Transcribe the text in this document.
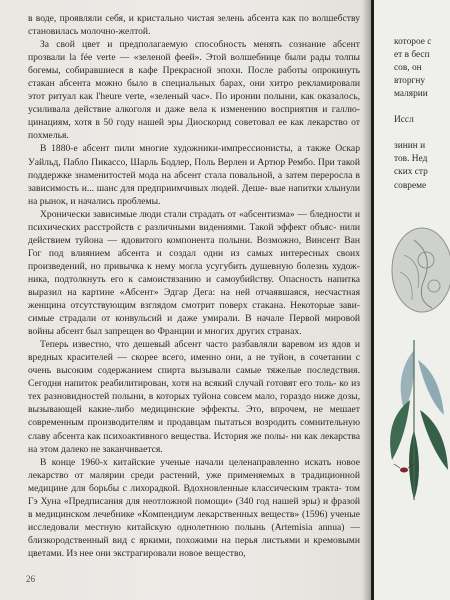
в воде, проявляли себя, и кристально чистая зелень абсента как по волшебству становилась молочно-желтой.

За свой цвет и предполагаемую способность менять сознание абсент прозвали la fée verte — «зеленой феей». Этой волшебнице были рады толпы богемы, собиравшиеся в кафе Прекрасной эпохи. После работы опрокинуть стакан абсента можно было в специальных барах, они хитро рекламировали этот ритуал как l'heure verte, «зеленый час». По иронии полыни, как оказалось, усиливала действие алкоголя и даже вела к изменению восприятия и галлю- цинациям, хотя в 50 году нашей эры Диоскорид советовал ее как лекарство от похмелья.

В 1880-е абсент пили многие художники-импрессионисты, а также Оскар Уайльд, Пабло Пикассо, Шарль Бодлер, Поль Верлен и Артюр Рембо. При такой поддержке знаменитостей мода на абсент стала повальной, а затем переросла в зависимость и... шанс для предприимчивых людей. Деше- вые напитки хлынули на рынок, и начались проблемы.

Хронически зависимые люди стали страдать от «абсентизма» — бледности и психических расстройств с различными видениями. Такой эффект объяс- нили действием туйона — ядовитого компонента полыни. Возможно, Винсент Ван Гог под влиянием абсента и создал одни из самых интересных своих произведений, но привычка к нему могла усугубить душевную болезнь худож- ника, подтолкнуть его к самоистязанию и самоубийству. Опасность напитка выразил на картине «Абсент» Эдгар Дега: на ней отчаявшаяся, несчастная женщина отсутствующим взглядом смотрит поверх стакана. Некоторые зави- симые страдали от конвульсий и даже умирали. В начале Первой мировой войны абсент был запрещен во Франции и многих других странах.

Теперь известно, что дешевый абсент часто разбавляли варевом из ядов и вредных красителей — скорее всего, именно они, а не туйон, в сочетании с очень высоким содержанием спирта вызывали самые тяжелые последствия. Сегодня напиток реабилитирован, хотя на всякий случай готовят его толь- ко из тех разновидностей полыни, в которых туйона совсем мало, гораздо ниже дозы, вызывающей какие-либо медицинские эффекты. Это, впрочем, не мешает современным производителям и продавцам пытаться возродить сомнительную славу абсента как психоактивного вещества. История же полы- ни как лекарства на этом далеко не заканчивается.

В конце 1960-х китайские ученые начали целенаправленно искать новое лекарство от малярии среди растений, уже применяемых в традиционной медицине для борьбы с лихорадкой. Вдохновленные классическим тракта- том Гэ Хуна «Предписания для неотложной помощи» (340 год нашей эры) и фразой в медицинском лечебнике «Компендиум лекарственных веществ» (1596) ученые исследовали местную китайскую однолетнюю полынь (Artemisia annua) — близкородственный вид с яркими, похожими на перья листьями и кремовыми цветами. Из нее они экстрагировали новое вещество,

26
которое с
ет в бесп
сов, он
вторгну
малярии

Иссл

зинин и
тов. Нед
ских стр
совреме
